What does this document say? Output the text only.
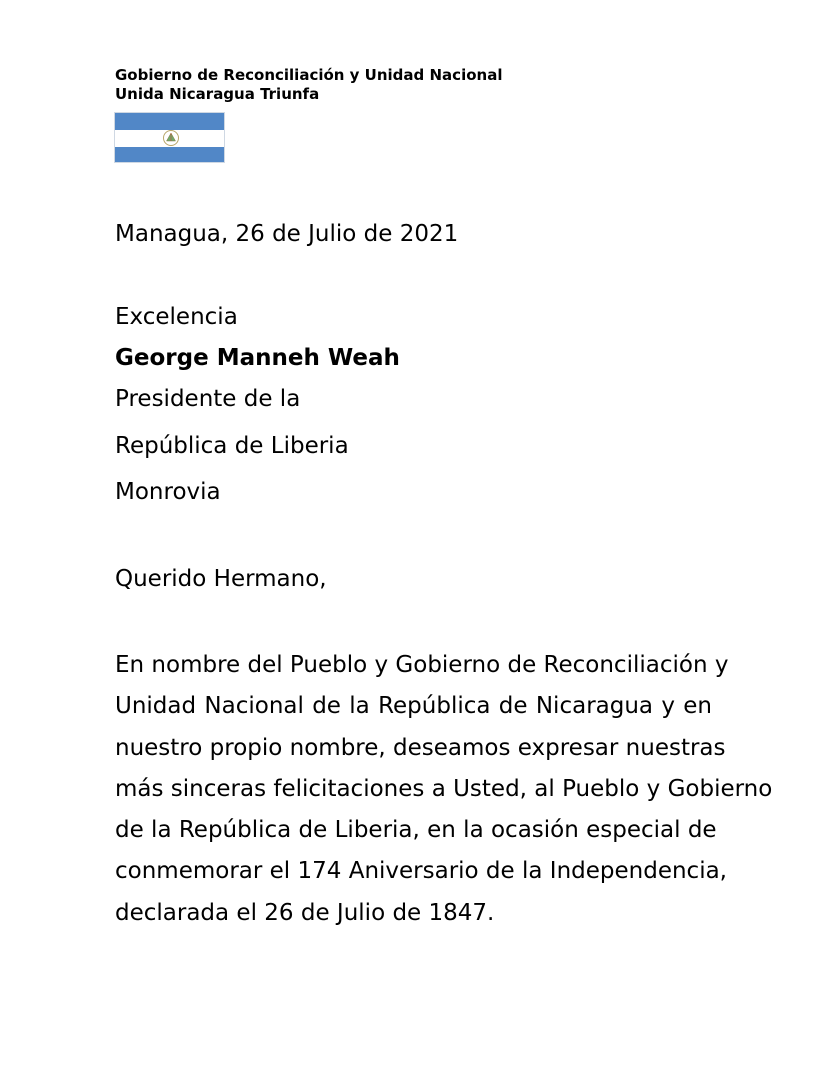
Gobierno de Reconciliación y Unidad Nacional
Unida Nicaragua Triunfa
Managua, 26 de Julio de 2021
Excelencia
George Manneh Weah
Presidente de la
República de Liberia
Monrovia
Querido Hermano,
En nombre del Pueblo y Gobierno de Reconciliación y
Unidad Nacional de la República de Nicaragua y en
nuestro propio nombre, deseamos expresar nuestras
más sinceras felicitaciones a Usted, al Pueblo y Gobierno
de la República de Liberia, en la ocasión especial de
conmemorar el 174 Aniversario de la Independencia,
declarada el 26 de Julio de 1847.
